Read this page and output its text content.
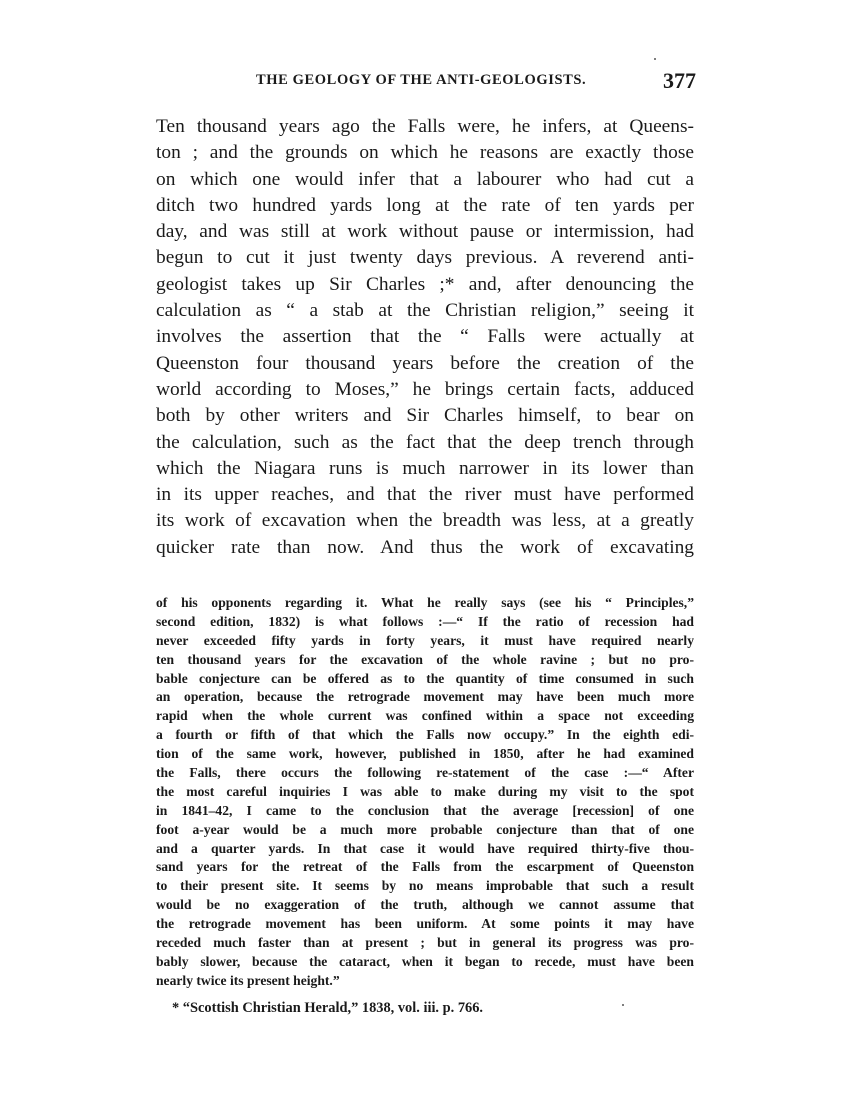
THE GEOLOGY OF THE ANTI-GEOLOGISTS.	377
Ten thousand years ago the Falls were, he infers, at Queens-
ton ; and the grounds on which he reasons are exactly those
on which one would infer that a labourer who had cut a
ditch two hundred yards long at the rate of ten yards per
day, and was still at work without pause or intermission, had
begun to cut it just twenty days previous. A reverend anti-
geologist takes up Sir Charles ;* and, after denouncing the
calculation as “ a stab at the Christian religion,” seeing it
involves the assertion that the “ Falls were actually at
Queenston four thousand years before the creation of the
world according to Moses,” he brings certain facts, adduced
both by other writers and Sir Charles himself, to bear on
the calculation, such as the fact that the deep trench through
which the Niagara runs is much narrower in its lower than
in its upper reaches, and that the river must have performed
its work of excavation when the breadth was less, at a greatly
quicker rate than now. And thus the work of excavating
of his opponents regarding it. What he really says (see his “ Principles,”
second edition, 1832) is what follows :—“ If the ratio of recession had
never exceeded fifty yards in forty years, it must have required nearly
ten thousand years for the excavation of the whole ravine ; but no pro-
bable conjecture can be offered as to the quantity of time consumed in such
an operation, because the retrograde movement may have been much more
rapid when the whole current was confined within a space not exceeding
a fourth or fifth of that which the Falls now occupy.” In the eighth edi-
tion of the same work, however, published in 1850, after he had examined
the Falls, there occurs the following re-statement of the case :—“ After
the most careful inquiries I was able to make during my visit to the spot
in 1841–42, I came to the conclusion that the average [recession] of one
foot a-year would be a much more probable conjecture than that of one
and a quarter yards. In that case it would have required thirty-five thou-
sand years for the retreat of the Falls from the escarpment of Queenston
to their present site. It seems by no means improbable that such a result
would be no exaggeration of the truth, although we cannot assume that
the retrograde movement has been uniform. At some points it may have
receded much faster than at present ; but in general its progress was pro-
bably slower, because the cataract, when it began to recede, must have been
nearly twice its present height.”
* “Scottish Christian Herald,” 1838, vol. iii. p. 766.
